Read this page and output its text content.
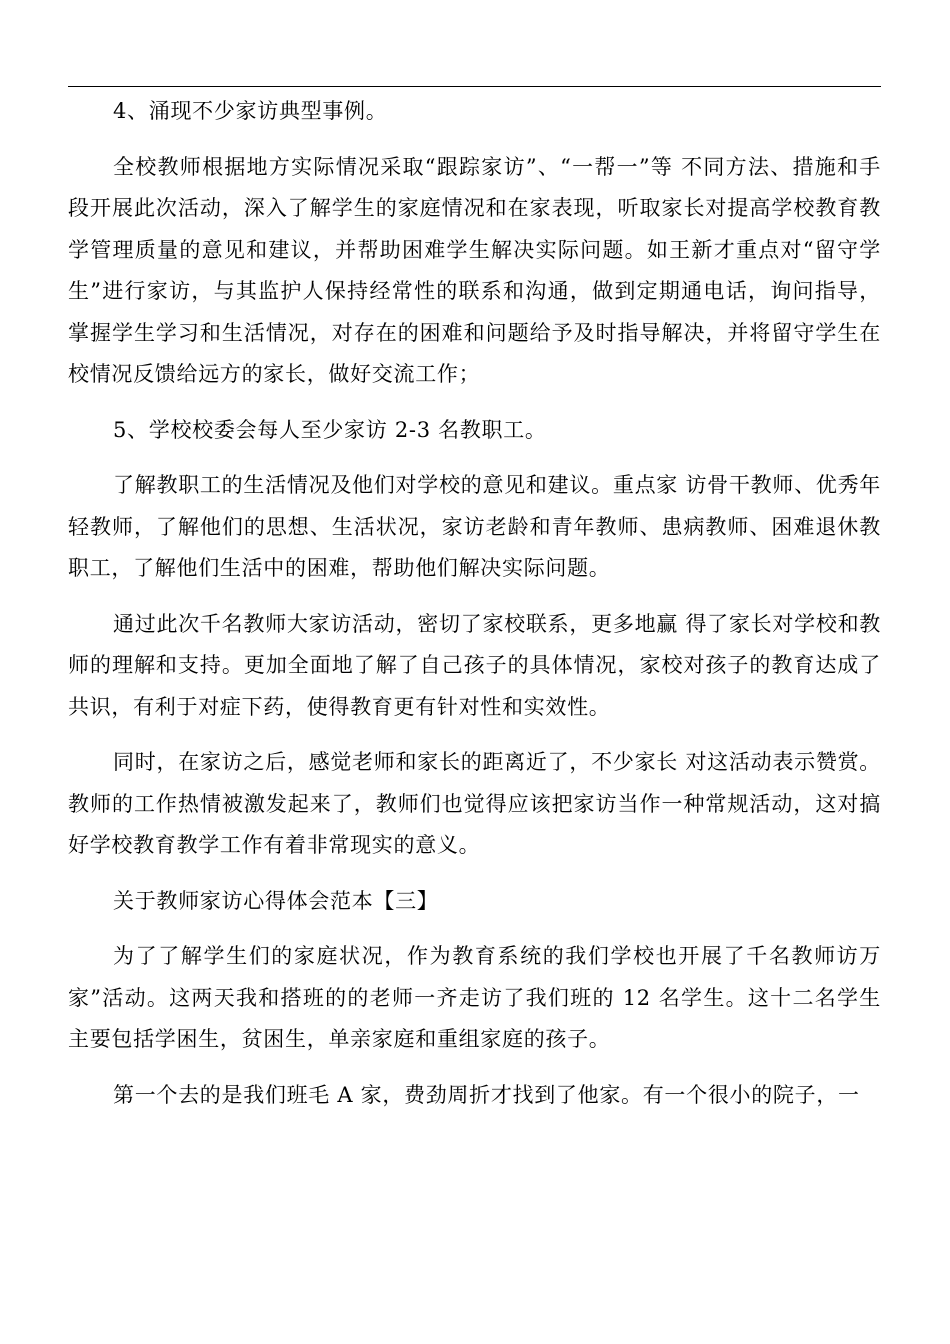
4、涌现不少家访典型事例。

全校教师根据地方实际情况采取“跟踪家访”、“一帮一”等 不同方法、措施和手段开展此次活动，深入了解学生的家庭情况和在家表现，听取家长对提高学校教育教学管理质量的意见和建议，并帮助困难学生解决实际问题。如王新才重点对“留守学生”进行家访，与其监护人保持经常性的联系和沟通，做到定期通电话，询问指导，掌握学生学习和生活情况，对存在的困难和问题给予及时指导解决，并将留守学生在校情况反馈给远方的家长，做好交流工作；

5、学校校委会每人至少家访 2-3 名教职工。

了解教职工的生活情况及他们对学校的意见和建议。重点家 访骨干教师、优秀年轻教师，了解他们的思想、生活状况，家访老龄和青年教师、患病教师、困难退休教职工，了解他们生活中的困难，帮助他们解决实际问题。

通过此次千名教师大家访活动，密切了家校联系，更多地赢 得了家长对学校和教师的理解和支持。更加全面地了解了自己孩子的具体情况，家校对孩子的教育达成了共识，有利于对症下药，使得教育更有针对性和实效性。

同时，在家访之后，感觉老师和家长的距离近了，不少家长 对这活动表示赞赏。教师的工作热情被激发起来了，教师们也觉得应该把家访当作一种常规活动，这对搞好学校教育教学工作有着非常现实的意义。

关于教师家访心得体会范本【三】

为了了解学生们的家庭状况，作为教育系统的我们学校也开展了千名教师访万家”活动。这两天我和搭班的的老师一齐走访了我们班的 12 名学生。这十二名学生主要包括学困生，贫困生，单亲家庭和重组家庭的孩子。

第一个去的是我们班毛 A 家，费劲周折才找到了他家。有一个很小的院子，一
